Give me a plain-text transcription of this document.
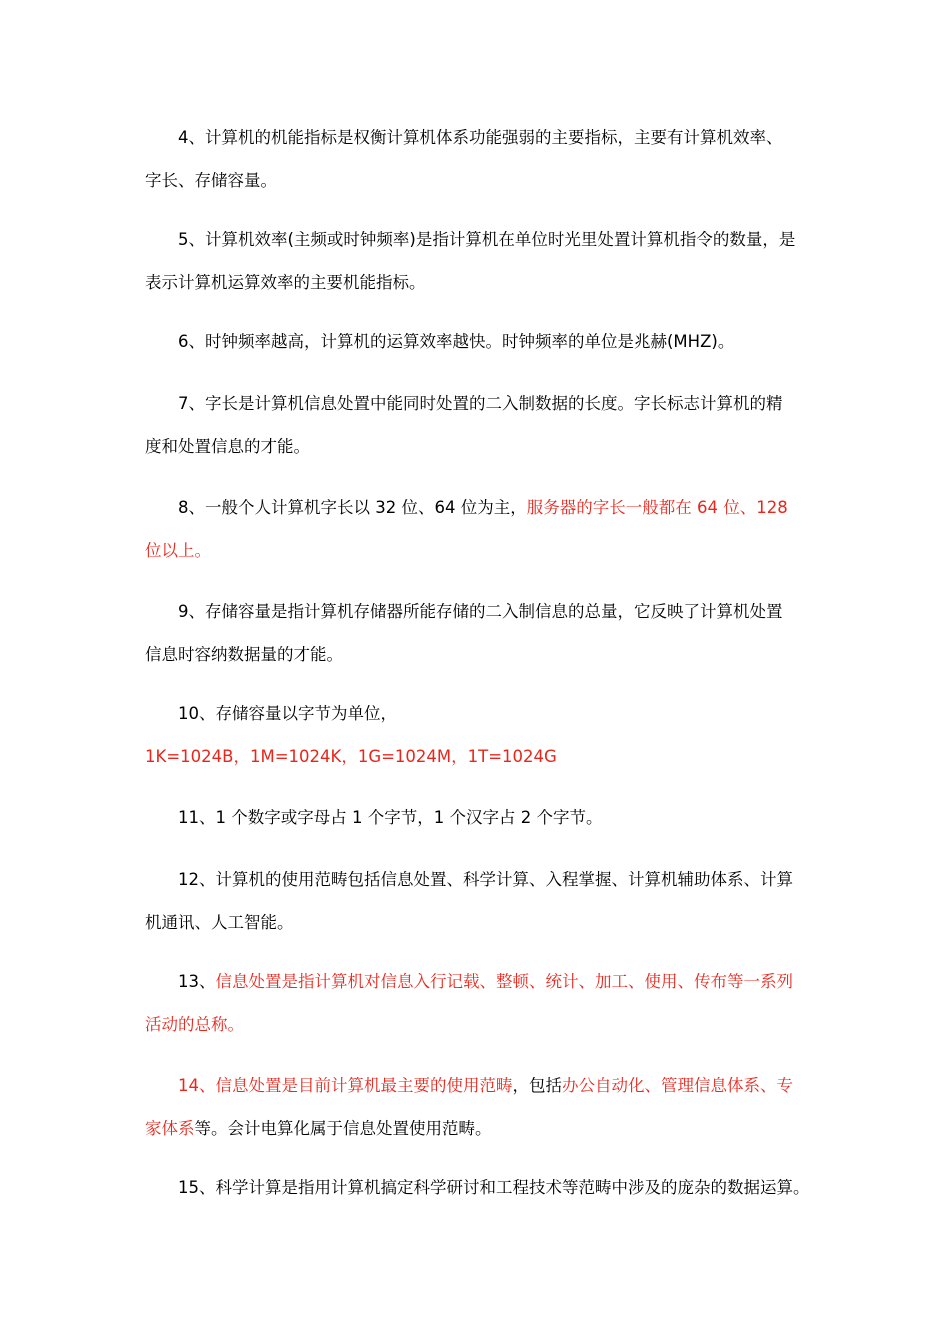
4、计算机的机能指标是权衡计算机体系功能强弱的主要指标，主要有计算机效率、
字长、存储容量。
5、计算机效率(主频或时钟频率)是指计算机在单位时光里处置计算机指令的数量，是
表示计算机运算效率的主要机能指标。
6、时钟频率越高，计算机的运算效率越快。时钟频率的单位是兆赫(MHZ)。
7、字长是计算机信息处置中能同时处置的二入制数据的长度。字长标志计算机的精
度和处置信息的才能。
8、一般个人计算机字长以 32 位、64 位为主，服务器的字长一般都在 64 位、128
位以上。
9、存储容量是指计算机存储器所能存储的二入制信息的总量，它反映了计算机处置
信息时容纳数据量的才能。
10、存储容量以字节为单位，
1K=1024B，1M=1024K，1G=1024M，1T=1024G
11、1 个数字或字母占 1 个字节，1 个汉字占 2 个字节。
12、计算机的使用范畴包括信息处置、科学计算、入程掌握、计算机辅助体系、计算
机通讯、人工智能。
13、信息处置是指计算机对信息入行记载、整顿、统计、加工、使用、传布等一系列
活动的总称。
14、信息处置是目前计算机最主要的使用范畴，包括办公自动化、管理信息体系、专
家体系等。会计电算化属于信息处置使用范畴。
15、科学计算是指用计算机搞定科学研讨和工程技术等范畴中涉及的庞杂的数据运算。
